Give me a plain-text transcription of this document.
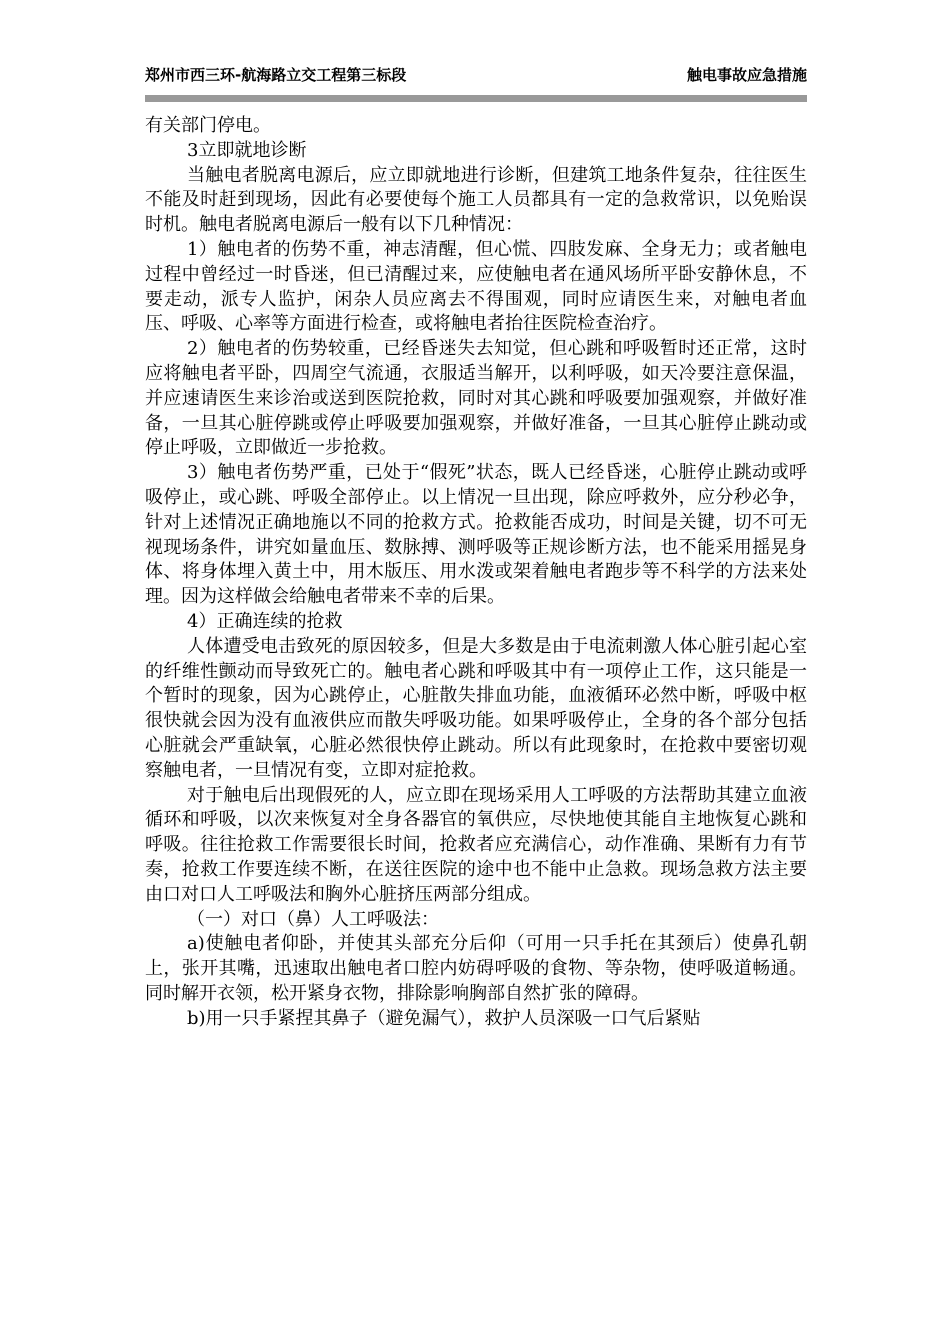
郑州市西三环-航海路立交工程第三标段	触电事故应急措施

有关部门停电。

3立即就地诊断

当触电者脱离电源后，应立即就地进行诊断，但建筑工地条件复杂，往往医生不能及时赶到现场，因此有必要使每个施工人员都具有一定的急救常识，以免贻误时机。触电者脱离电源后一般有以下几种情况：

1）触电者的伤势不重，神志清醒，但心慌、四肢发麻、全身无力；或者触电过程中曾经过一时昏迷，但已清醒过来，应使触电者在通风场所平卧安静休息，不要走动，派专人监护，闲杂人员应离去不得围观，同时应请医生来，对触电者血压、呼吸、心率等方面进行检查，或将触电者抬往医院检查治疗。

2）触电者的伤势较重，已经昏迷失去知觉，但心跳和呼吸暂时还正常，这时应将触电者平卧，四周空气流通，衣服适当解开，以利呼吸，如天冷要注意保温，并应速请医生来诊治或送到医院抢救，同时对其心跳和呼吸要加强观察，并做好准备，一旦其心脏停跳或停止呼吸要加强观察，并做好准备，一旦其心脏停止跳动或停止呼吸，立即做近一步抢救。

3）触电者伤势严重，已处于“假死”状态，既人已经昏迷，心脏停止跳动或呼吸停止，或心跳、呼吸全部停止。以上情况一旦出现，除应呼救外，应分秒必争，针对上述情况正确地施以不同的抢救方式。抢救能否成功，时间是关键，切不可无视现场条件，讲究如量血压、数脉搏、测呼吸等正规诊断方法，也不能采用摇晃身体、将身体埋入黄土中，用木版压、用水泼或架着触电者跑步等不科学的方法来处理。因为这样做会给触电者带来不幸的后果。

4）正确连续的抢救

人体遭受电击致死的原因较多，但是大多数是由于电流刺激人体心脏引起心室的纤维性颤动而导致死亡的。触电者心跳和呼吸其中有一项停止工作，这只能是一个暂时的现象，因为心跳停止，心脏散失排血功能，血液循环必然中断，呼吸中枢很快就会因为没有血液供应而散失呼吸功能。如果呼吸停止，全身的各个部分包括心脏就会严重缺氧，心脏必然很快停止跳动。所以有此现象时，在抢救中要密切观察触电者，一旦情况有变，立即对症抢救。

对于触电后出现假死的人，应立即在现场采用人工呼吸的方法帮助其建立血液循环和呼吸，以次来恢复对全身各器官的氧供应，尽快地使其能自主地恢复心跳和呼吸。往往抢救工作需要很长时间，抢救者应充满信心，动作准确、果断有力有节奏，抢救工作要连续不断，在送往医院的途中也不能中止急救。现场急救方法主要由口对口人工呼吸法和胸外心脏挤压两部分组成。

（一）对口（鼻）人工呼吸法：

a)使触电者仰卧，并使其头部充分后仰（可用一只手托在其颈后）使鼻孔朝上，张开其嘴，迅速取出触电者口腔内妨碍呼吸的食物、等杂物，使呼吸道畅通。同时解开衣领，松开紧身衣物，排除影响胸部自然扩张的障碍。

b)用一只手紧捏其鼻子（避免漏气），救护人员深吸一口气后紧贴
